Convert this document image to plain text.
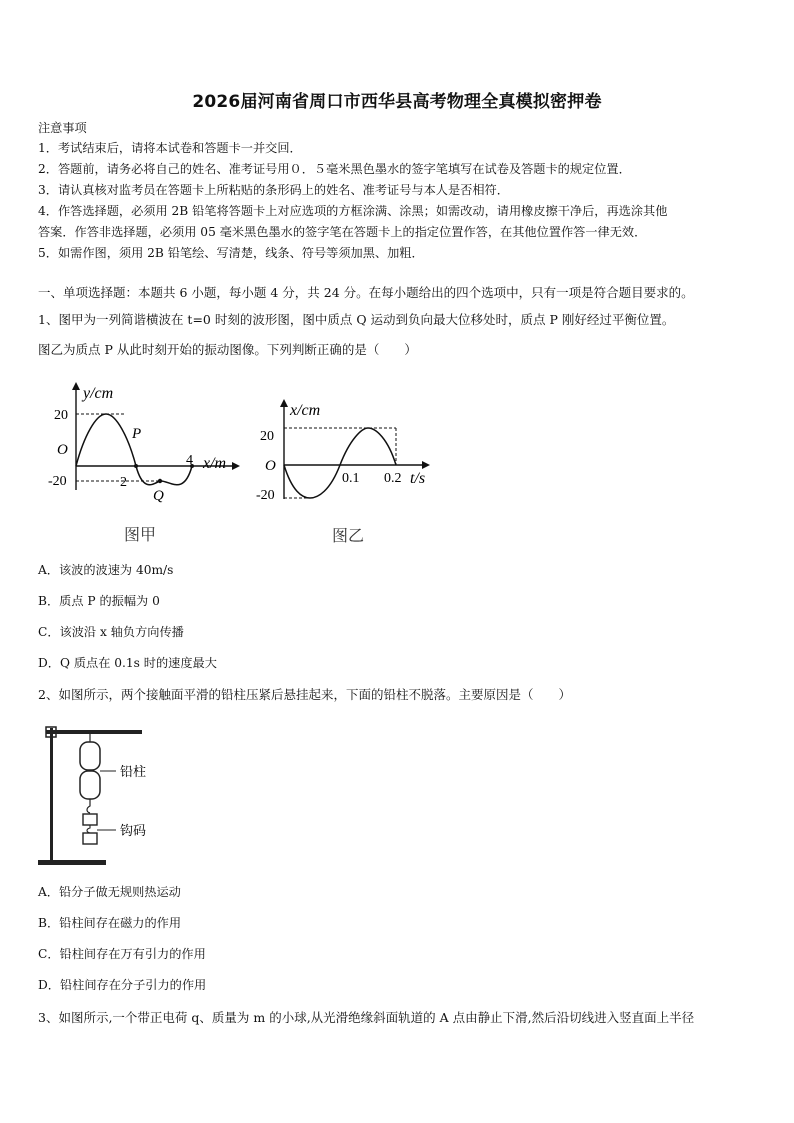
2026届河南省周口市西华县高考物理全真模拟密押卷
注意事项
1．考试结束后，请将本试卷和答题卡一并交回．
2．答题前，请务必将自己的姓名、准考证号用０．５毫米黑色墨水的签字笔填写在试卷及答题卡的规定位置．
3．请认真核对监考员在答题卡上所粘贴的条形码上的姓名、准考证号与本人是否相符．
4．作答选择题，必须用 2B 铅笔将答题卡上对应选项的方框涂满、涂黑；如需改动，请用橡皮擦干净后，再选涂其他
答案．作答非选择题，必须用 05 毫米黑色墨水的签字笔在答题卡上的指定位置作答，在其他位置作答一律无效．
5．如需作图，须用 2B 铅笔绘、写清楚，线条、符号等须加黑、加粗．
一、单项选择题：本题共 6 小题，每小题 4 分，共 24 分。在每小题给出的四个选项中，只有一项是符合题目要求的。
1、图甲为一列简谐横波在 t=0 时刻的波形图，图中质点 Q 运动到负向最大位移处时，质点 P 刚好经过平衡位置。
图乙为质点 P 从此时刻开始的振动图像。下列判断正确的是（　　）
y/cm
20
O
-20
P
2
4 x/m
Q
图甲
x/cm
20
O
-20
0.1 0.2 t/s
图乙
A．该波的波速为 40m/s
B．质点 P 的振幅为 0
C．该波沿 x 轴负方向传播
D．Q 质点在 0.1s 时的速度最大
2、如图所示，两个接触面平滑的铅柱压紧后悬挂起来，下面的铅柱不脱落。主要原因是（　　）
铅柱
钩码
A．铅分子做无规则热运动
B．铅柱间存在磁力的作用
C．铅柱间存在万有引力的作用
D．铅柱间存在分子引力的作用
3、如图所示,一个带正电荷 q、质量为 m 的小球,从光滑绝缘斜面轨道的 A 点由静止下滑,然后沿切线进入竖直面上半径
